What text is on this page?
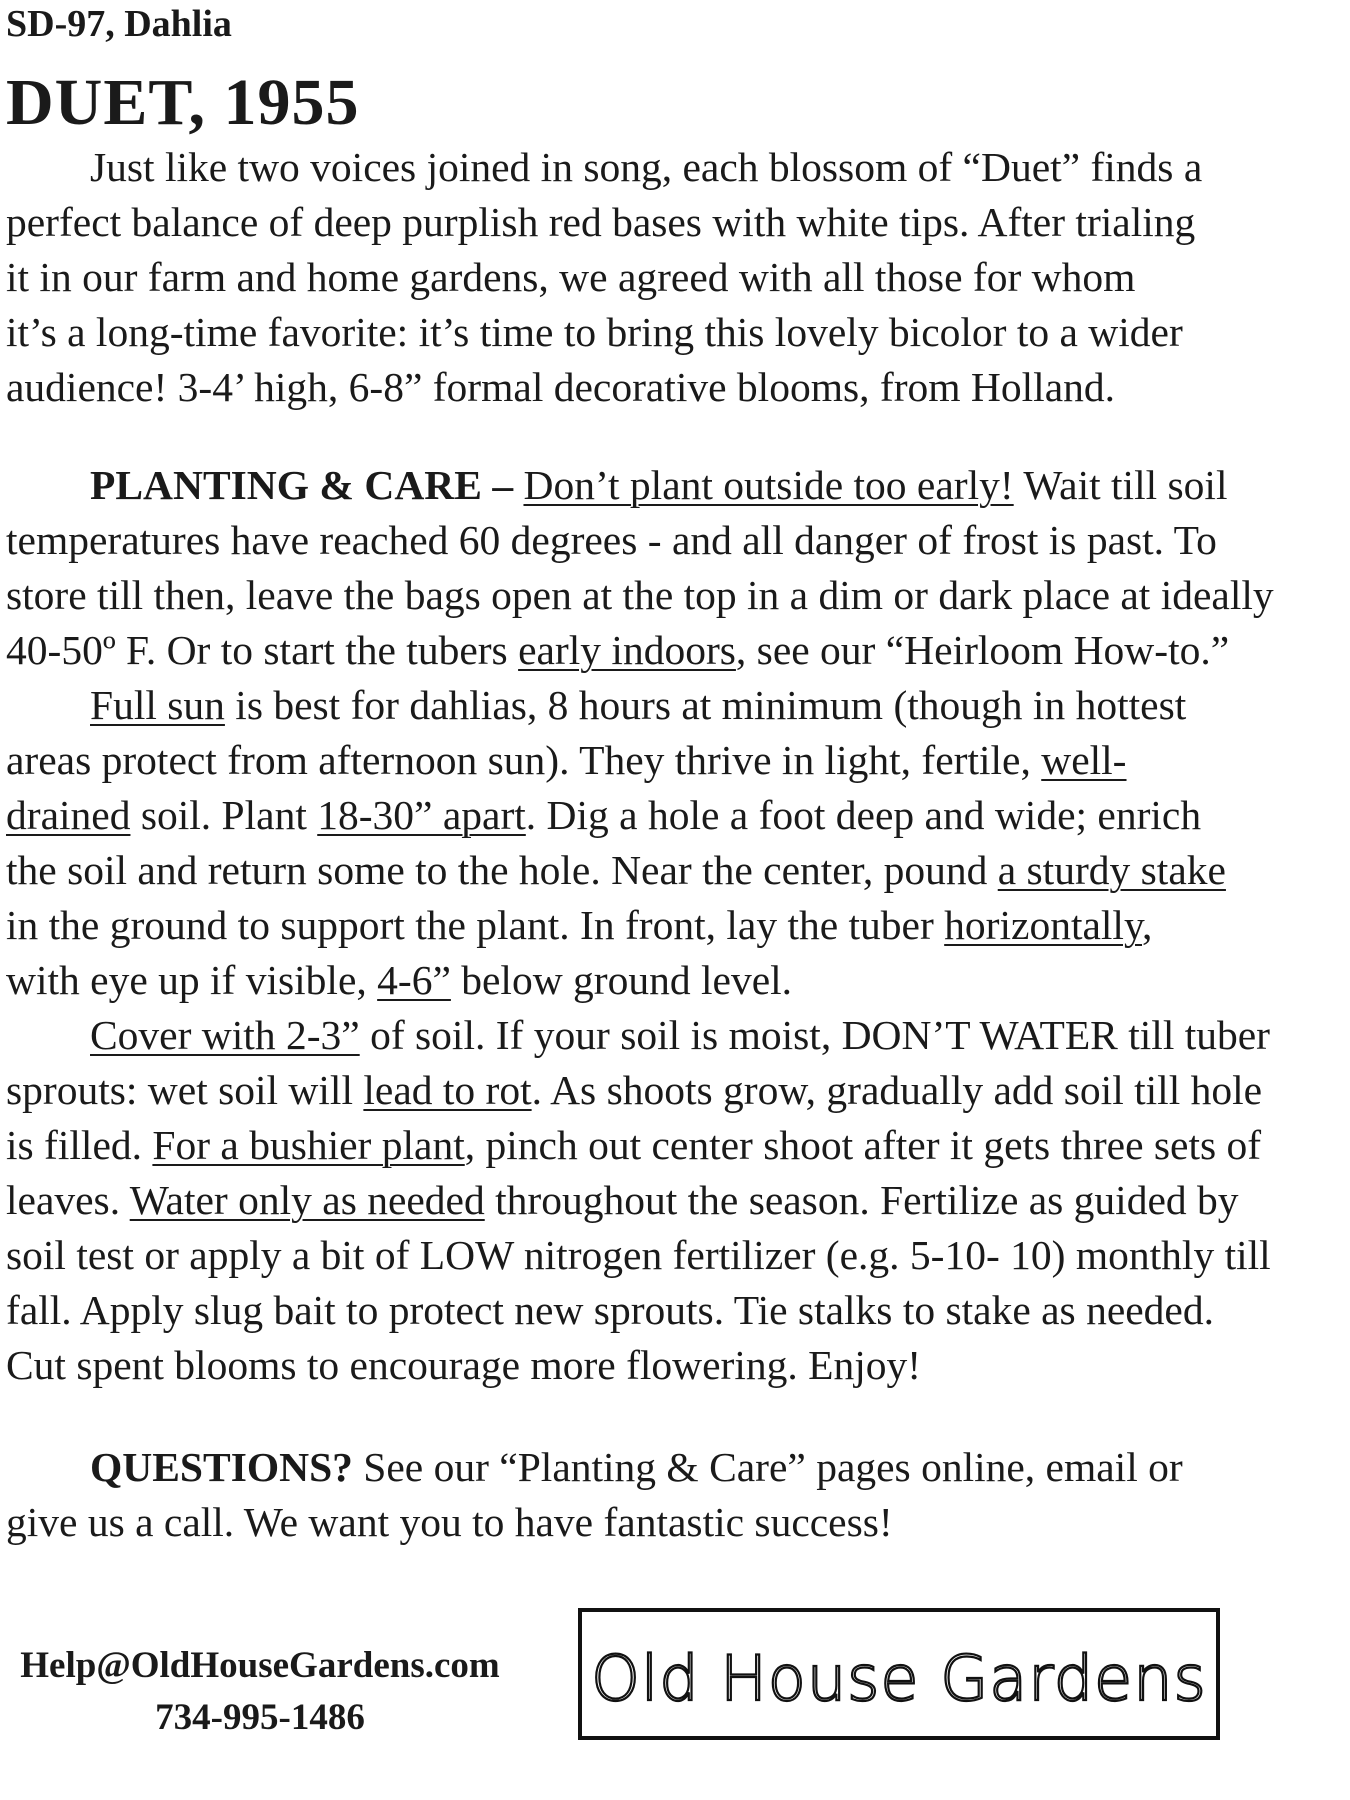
SD-97, Dahlia
DUET, 1955
Just like two voices joined in song, each blossom of “Duet” finds a
perfect balance of deep purplish red bases with white tips. After trialing
it in our farm and home gardens, we agreed with all those for whom
it’s a long-time favorite: it’s time to bring this lovely bicolor to a wider
audience! 3-4’ high, 6-8” formal decorative blooms, from Holland.
PLANTING & CARE – Don’t plant outside too early! Wait till soil
temperatures have reached 60 degrees - and all danger of frost is past. To
store till then, leave the bags open at the top in a dim or dark place at ideally
40-50º F. Or to start the tubers early indoors, see our “Heirloom How-to.”
Full sun is best for dahlias, 8 hours at minimum (though in hottest
areas protect from afternoon sun). They thrive in light, fertile, well-
drained soil. Plant 18-30” apart. Dig a hole a foot deep and wide; enrich
the soil and return some to the hole. Near the center, pound a sturdy stake
in the ground to support the plant. In front, lay the tuber horizontally,
with eye up if visible, 4-6” below ground level.
Cover with 2-3” of soil. If your soil is moist, DON’T WATER till tuber
sprouts: wet soil will lead to rot. As shoots grow, gradually add soil till hole
is filled. For a bushier plant, pinch out center shoot after it gets three sets of
leaves. Water only as needed throughout the season. Fertilize as guided by
soil test or apply a bit of LOW nitrogen fertilizer (e.g. 5-10- 10) monthly till
fall. Apply slug bait to protect new sprouts. Tie stalks to stake as needed.
Cut spent blooms to encourage more flowering. Enjoy!
QUESTIONS? See our “Planting & Care” pages online, email or
give us a call. We want you to have fantastic success!
Help@OldHouseGardens.com
734-995-1486
Old House Gardens
